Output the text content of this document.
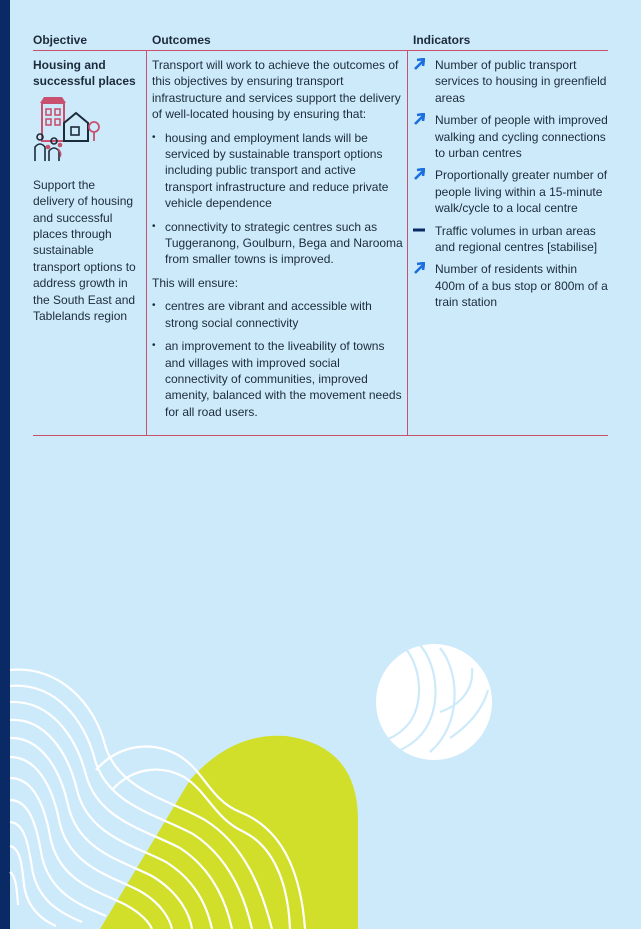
Objective	Outcomes	Indicators
Housing and successful places
Support the delivery of housing and successful places through sustainable transport options to address growth in the South East and Tablelands region

Transport will work to achieve the outcomes of this objectives by ensuring transport infrastructure and services support the delivery of well-located housing by ensuring that:

• housing and employment lands will be serviced by sustainable transport options including public transport and active transport infrastructure and reduce private vehicle dependence
• connectivity to strategic centres such as Tuggeranong, Goulburn, Bega and Narooma from smaller towns is improved.

This will ensure:

• centres are vibrant and accessible with strong social connectivity
• an improvement to the liveability of towns and villages with improved social connectivity of communities, improved amenity, balanced with the movement needs for all road users.
Number of public transport services to housing in greenfield areas
Number of people with improved walking and cycling connections to urban centres
Proportionally greater number of people living within a 15-minute walk/cycle to a local centre
Traffic volumes in urban areas and regional centres [stabilise]
Number of residents within 400m of a bus stop or 800m of a train station
